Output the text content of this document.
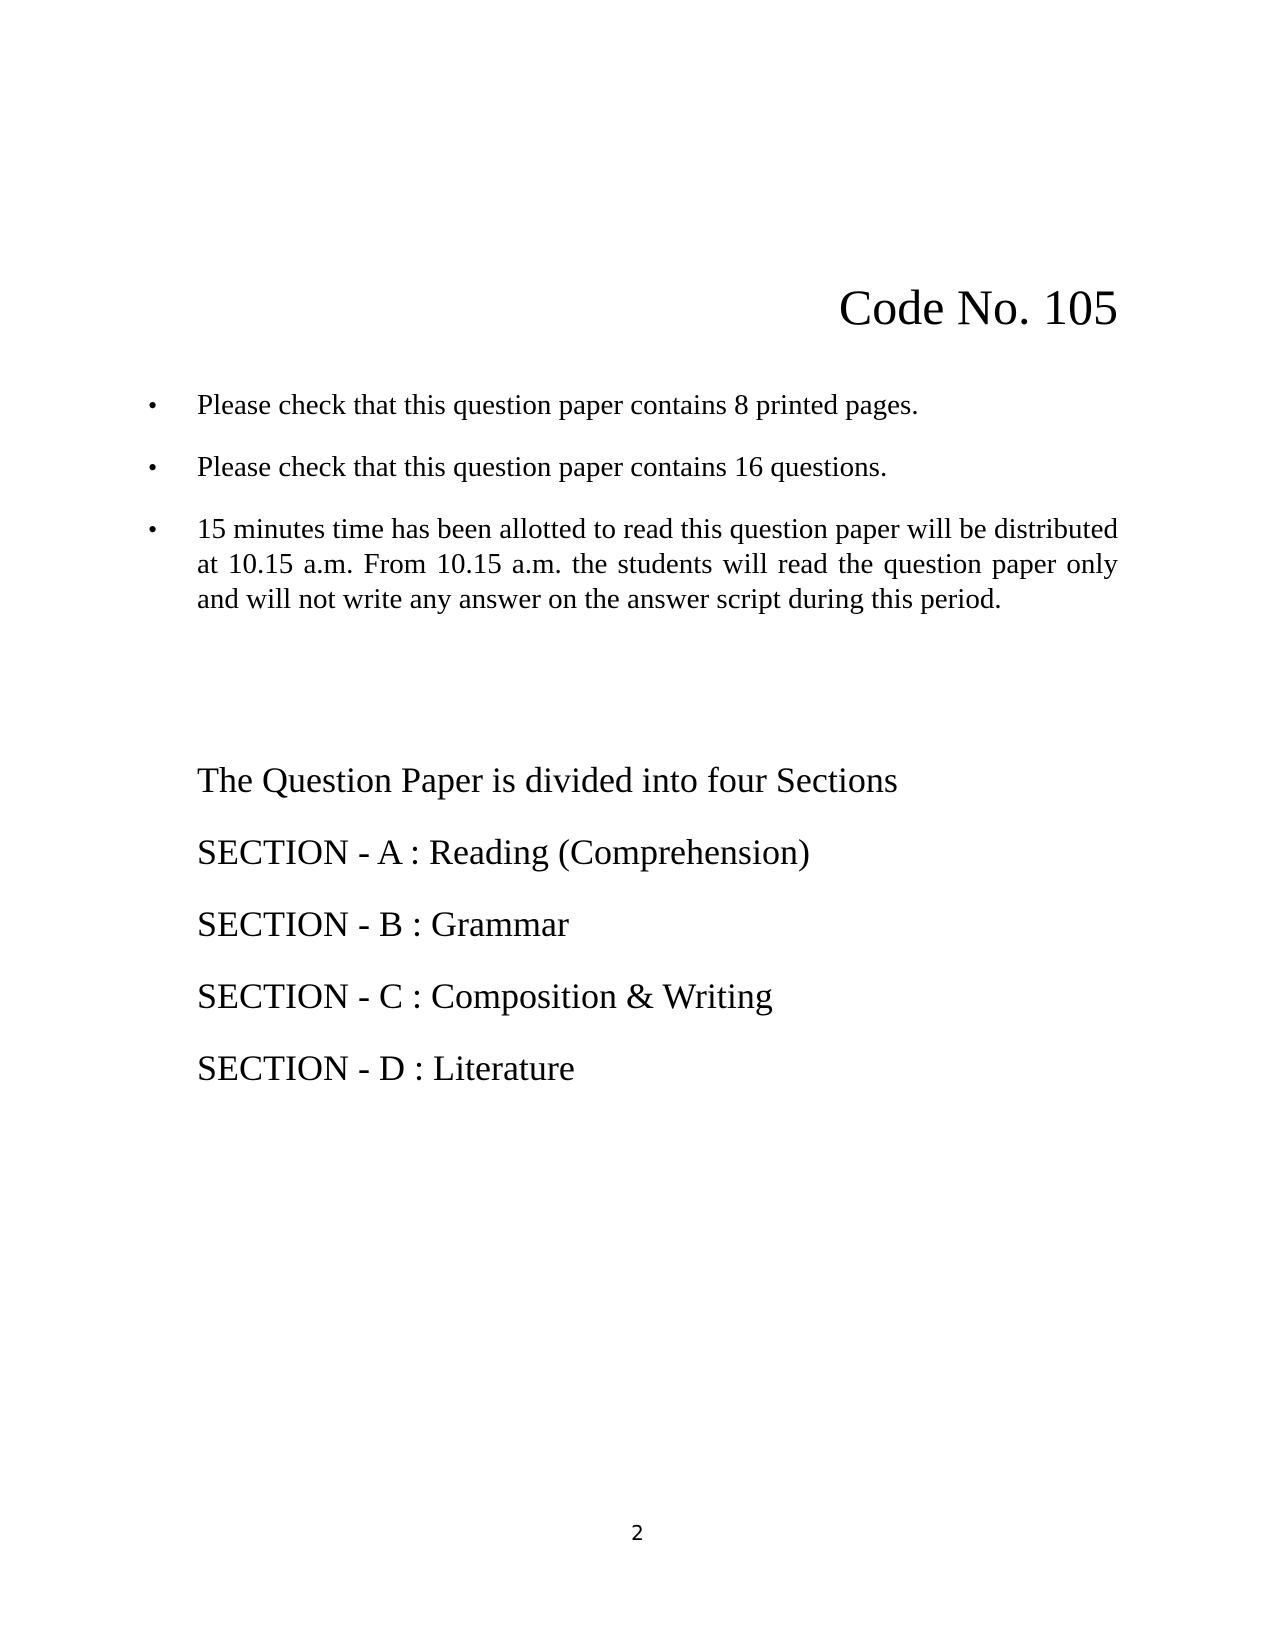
Code No. 105
• Please check that this question paper contains 8 printed pages.
• Please check that this question paper contains 16 questions.
• 15 minutes time has been allotted to read this question paper will be distributed at 10.15 a.m. From 10.15 a.m. the students will read the question paper only and will not write any answer on the answer script during this period.
The Question Paper is divided into four Sections
SECTION - A : Reading (Comprehension)
SECTION - B : Grammar
SECTION - C : Composition & Writing
SECTION - D : Literature
2
